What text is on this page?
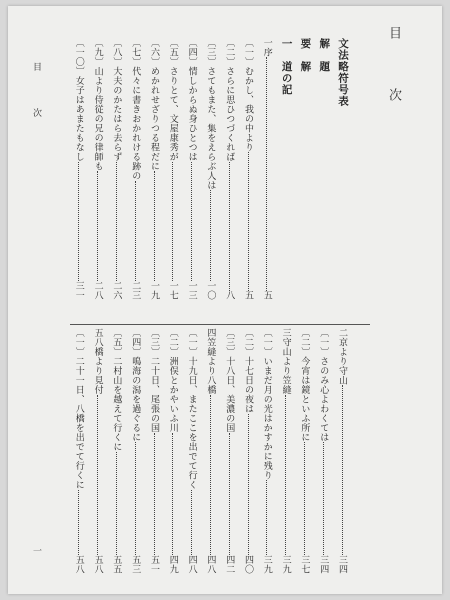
目　次
目　次
一
文法略符号表
解　題
要　解
一　道の記
一序五
〔一〕むかし、我の中より五
〔二〕さらに思ひつづくれば八
〔三〕さてもまた、集をえらぶ人は一〇
〔四〕情しからぬ身ひとつは一三
〔五〕さりとて、文屋康秀が一七
〔六〕めかれせざりつる程だに一九
〔七〕代々に書きおかれける跡の二三
〔八〕大夫のかたはら去らず二六
〔九〕山より侍従の兄の律師も二八
〔一〇〕女子はあまたもなし三一
二京より守山三四
〔一〕さのみ心よわくては三四
〔二〕今宵は鏡といふ所に三七
三守山より笠縫三九
〔一〕いまだ月の光はかすかに残り三九
〔二〕十七日の夜は四〇
〔三〕十八日、美濃の国四二
四笠縫より八橋四八
〔一〕十九日、またここを出でて行く四八
〔二〕洲俣とかやいふ川四九
〔三〕二十日、尾張の国五一
〔四〕鳴海の潟を過ぐるに五三
〔五〕二村山を越えて行くに五五
五八橋より見付五八
〔一〕二十一日、八橋を出でて行くに五八
